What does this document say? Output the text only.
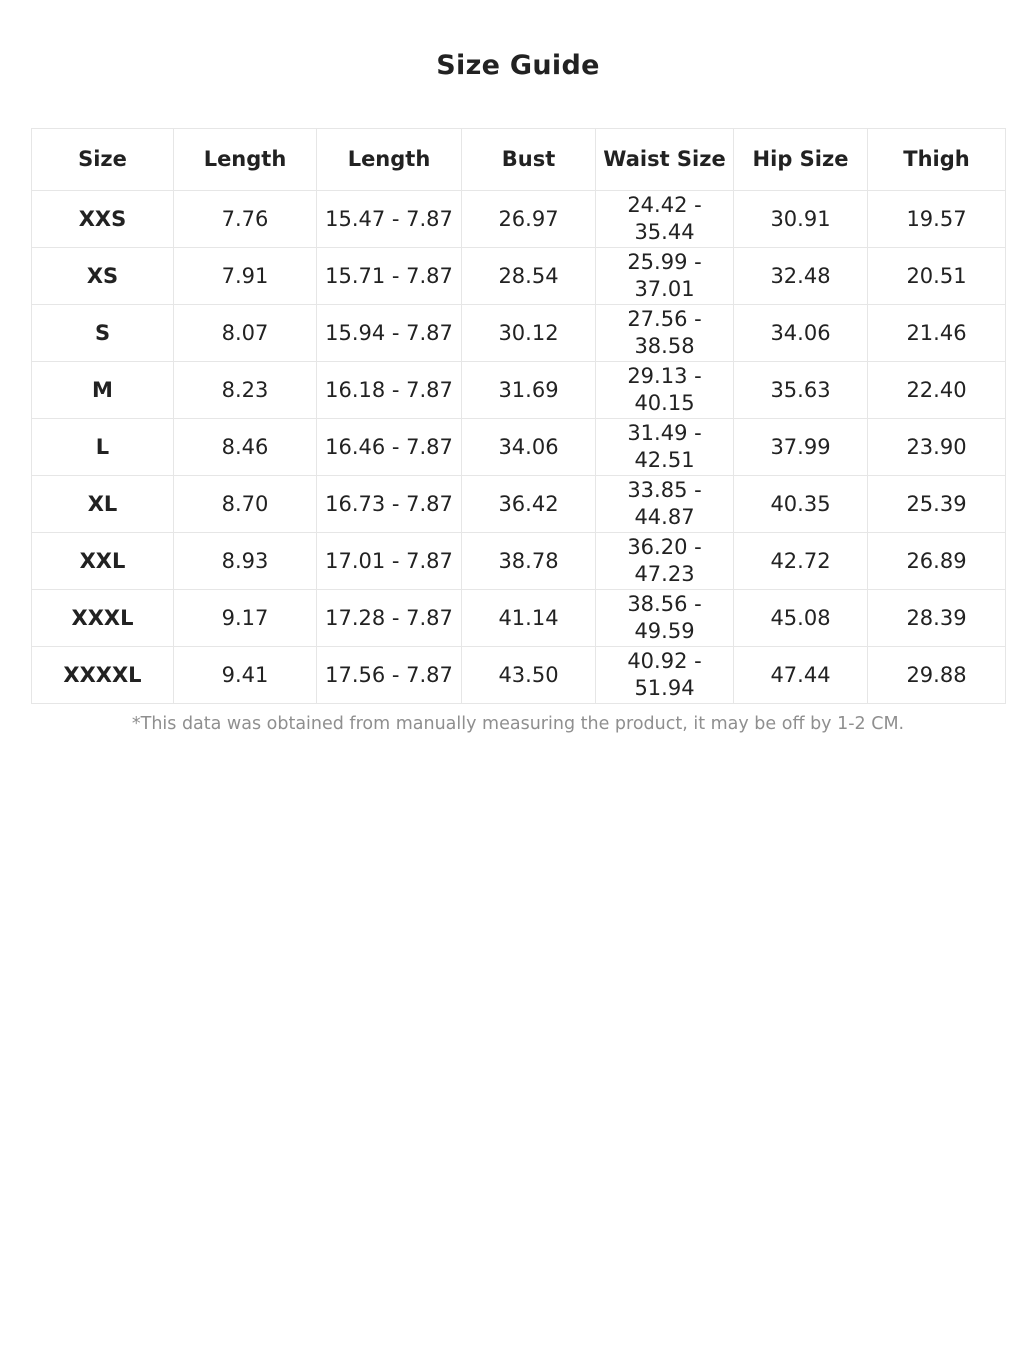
Size Guide
Size	Length	Length	Bust	Waist Size	Hip Size	Thigh
XXS	7.76	15.47 - 7.87	26.97	24.42 - 35.44	30.91	19.57
XS	7.91	15.71 - 7.87	28.54	25.99 - 37.01	32.48	20.51
S	8.07	15.94 - 7.87	30.12	27.56 - 38.58	34.06	21.46
M	8.23	16.18 - 7.87	31.69	29.13 - 40.15	35.63	22.40
L	8.46	16.46 - 7.87	34.06	31.49 - 42.51	37.99	23.90
XL	8.70	16.73 - 7.87	36.42	33.85 - 44.87	40.35	25.39
XXL	8.93	17.01 - 7.87	38.78	36.20 - 47.23	42.72	26.89
XXXL	9.17	17.28 - 7.87	41.14	38.56 - 49.59	45.08	28.39
XXXXL	9.41	17.56 - 7.87	43.50	40.92 - 51.94	47.44	29.88
*This data was obtained from manually measuring the product, it may be off by 1-2 CM.
